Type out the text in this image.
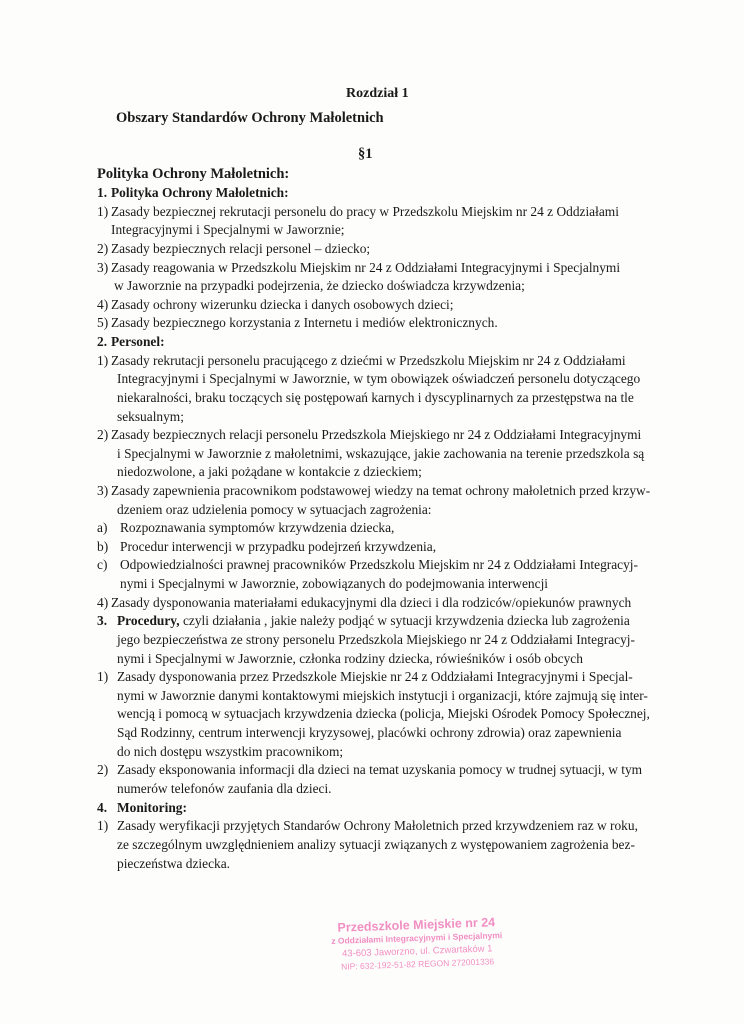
Rozdział 1
Obszary Standardów Ochrony Małoletnich
§1
Polityka Ochrony Małoletnich:
1. Polityka Ochrony Małoletnich:
1) Zasady bezpiecznej rekrutacji personelu do pracy w Przedszkolu Miejskim nr 24 z Oddziałami
Integracyjnymi i Specjalnymi w Jaworznie;
2) Zasady bezpiecznych relacji personel – dziecko;
3) Zasady reagowania w Przedszkolu Miejskim nr 24 z Oddziałami Integracyjnymi i Specjalnymi
w Jaworznie na przypadki podejrzenia, że dziecko doświadcza krzywdzenia;
4) Zasady ochrony wizerunku dziecka i danych osobowych dzieci;
5) Zasady bezpiecznego korzystania z Internetu i mediów elektronicznych.
2. Personel:
1) Zasady rekrutacji personelu pracującego z dziećmi w Przedszkolu Miejskim nr 24 z Oddziałami
Integracyjnymi i Specjalnymi w Jaworznie, w tym obowiązek oświadczeń personelu dotyczącego
niekaralności, braku toczących się postępowań karnych i dyscyplinarnych za przestępstwa na tle
seksualnym;
2) Zasady bezpiecznych relacji personelu Przedszkola Miejskiego nr 24 z Oddziałami Integracyjnymi
i Specjalnymi w Jaworznie z małoletnimi, wskazujące, jakie zachowania na terenie przedszkola są
niedozwolone, a jaki pożądane w kontakcie z dzieckiem;
3) Zasady zapewnienia pracownikom podstawowej wiedzy na temat ochrony małoletnich przed krzyw-
dzeniem oraz udzielenia pomocy w sytuacjach zagrożenia:
a) Rozpoznawania symptomów krzywdzenia dziecka,
b) Procedur interwencji w przypadku podejrzeń krzywdzenia,
c) Odpowiedzialności prawnej pracowników Przedszkolu Miejskim nr 24 z Oddziałami Integracyj-
nymi i Specjalnymi w Jaworznie, zobowiązanych do podejmowania interwencji
4) Zasady dysponowania materiałami edukacyjnymi dla dzieci i dla rodziców/opiekunów prawnych
3. Procedury, czyli działania , jakie należy podjąć w sytuacji krzywdzenia dziecka lub zagrożenia
jego bezpieczeństwa ze strony personelu Przedszkola Miejskiego nr 24 z Oddziałami Integracyj-
nymi i Specjalnymi w Jaworznie, członka rodziny dziecka, rówieśników i osób obcych
1) Zasady dysponowania przez Przedszkole Miejskie nr 24 z Oddziałami Integracyjnymi i Specjal-
nymi w Jaworznie danymi kontaktowymi miejskich instytucji i organizacji, które zajmują się inter-
wencją i pomocą w sytuacjach krzywdzenia dziecka (policja, Miejski Ośrodek Pomocy Społecznej,
Sąd Rodzinny, centrum interwencji kryzysowej, placówki ochrony zdrowia) oraz zapewnienia
do nich dostępu wszystkim pracownikom;
2) Zasady eksponowania informacji dla dzieci na temat uzyskania pomocy w trudnej sytuacji, w tym
numerów telefonów zaufania dla dzieci.
4. Monitoring:
1) Zasady weryfikacji przyjętych Standarów Ochrony Małoletnich przed krzywdzeniem raz w roku,
ze szczególnym uwzględnieniem analizy sytuacji związanych z występowaniem zagrożenia bez-
pieczeństwa dziecka.
Przedszkole Miejskie nr 24
z Oddziałami Integracyjnymi i Specjalnymi
43-603 Jaworzno, ul. Czwartaków 1
NIP: 632-192-51-82 REGON 272001336
